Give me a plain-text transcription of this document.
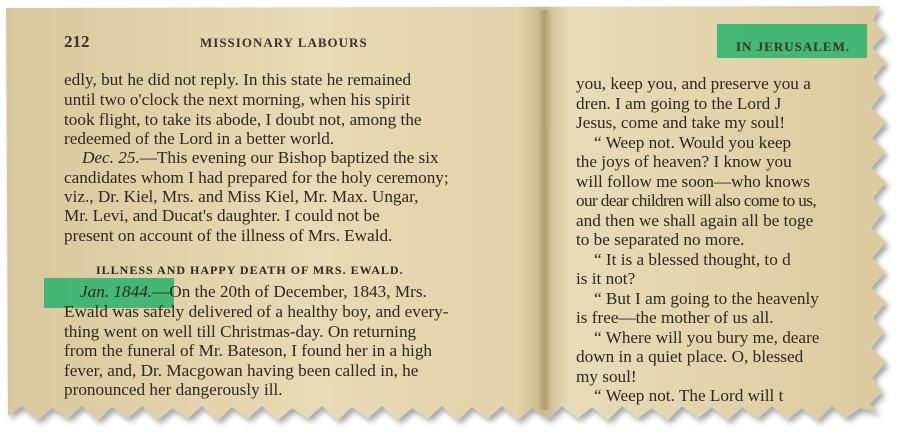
212	MISSIONARY LABOURS
edly, but he did not reply. In this state he remained
until two o'clock the next morning, when his spirit
took flight, to take its abode, I doubt not, among the
redeemed of the Lord in a better world.
Dec. 25.—This evening our Bishop baptized the six
candidates whom I had prepared for the holy ceremony;
viz., Dr. Kiel, Mrs. and Miss Kiel, Mr. Max. Ungar,
Mr. Levi, and Ducat's daughter. I could not be
present on account of the illness of Mrs. Ewald.
ILLNESS AND HAPPY DEATH OF MRS. EWALD.
Jan. 1844.—On the 20th of December, 1843, Mrs.
Ewald was safely delivered of a healthy boy, and every-
thing went on well till Christmas-day. On returning
from the funeral of Mr. Bateson, I found her in a high
fever, and, Dr. Macgowan having been called in, he
pronounced her dangerously ill.
IN JERUSALEM.
you, keep you, and preserve you a
dren. I am going to the Lord J
Jesus, come and take my soul!
“ Weep not. Would you keep
the joys of heaven? I know you
will follow me soon—who knows
our dear children will also come to us,
and then we shall again all be toge
to be separated no more.
“ It is a blessed thought, to d
is it not?
“ But I am going to the heavenly
is free—the mother of us all.
“ Where will you bury me, deare
down in a quiet place. O, blessed
my soul!
“ Weep not. The Lord will t
